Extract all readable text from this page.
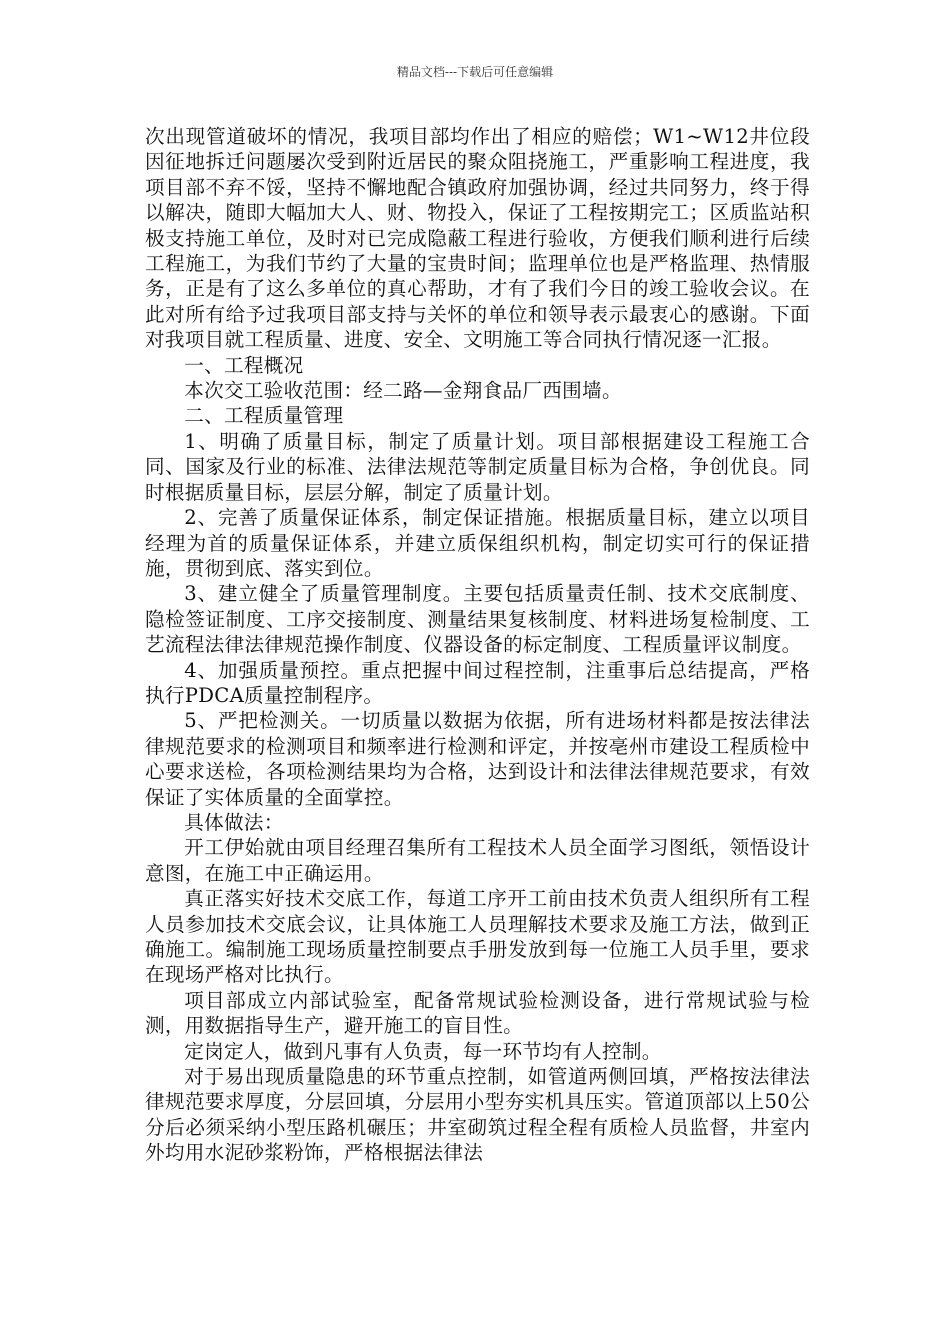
精品文档---下载后可任意编辑

次出现管道破坏的情况，我项目部均作出了相应的赔偿；W1~W12井位段因征地拆迁问题屡次受到附近居民的聚众阻挠施工，严重影响工程进度，我项目部不弃不馁，坚持不懈地配合镇政府加强协调，经过共同努力，终于得以解决，随即大幅加大人、财、物投入，保证了工程按期完工；区质监站积极支持施工单位，及时对已完成隐蔽工程进行验收，方便我们顺利进行后续工程施工，为我们节约了大量的宝贵时间；监理单位也是严格监理、热情服务，正是有了这么多单位的真心帮助，才有了我们今日的竣工验收会议。在此对所有给予过我项目部支持与关怀的单位和领导表示最衷心的感谢。下面对我项目就工程质量、进度、安全、文明施工等合同执行情况逐一汇报。

一、工程概况

本次交工验收范围：经二路—金翔食品厂西围墙。

二、工程质量管理

1、明确了质量目标，制定了质量计划。项目部根据建设工程施工合同、国家及行业的标准、法律法规范等制定质量目标为合格，争创优良。同时根据质量目标，层层分解，制定了质量计划。

2、完善了质量保证体系，制定保证措施。根据质量目标，建立以项目经理为首的质量保证体系，并建立质保组织机构，制定切实可行的保证措施，贯彻到底、落实到位。

3、建立健全了质量管理制度。主要包括质量责任制、技术交底制度、隐检签证制度、工序交接制度、测量结果复核制度、材料进场复检制度、工艺流程法律法律规范操作制度、仪器设备的标定制度、工程质量评议制度。

4、加强质量预控。重点把握中间过程控制，注重事后总结提高，严格执行PDCA质量控制程序。

5、严把检测关。一切质量以数据为依据，所有进场材料都是按法律法律规范要求的检测项目和频率进行检测和评定，并按亳州市建设工程质检中心要求送检，各项检测结果均为合格，达到设计和法律法律规范要求，有效保证了实体质量的全面掌控。

具体做法：

开工伊始就由项目经理召集所有工程技术人员全面学习图纸，领悟设计意图，在施工中正确运用。

真正落实好技术交底工作，每道工序开工前由技术负责人组织所有工程人员参加技术交底会议，让具体施工人员理解技术要求及施工方法，做到正确施工。编制施工现场质量控制要点手册发放到每一位施工人员手里，要求在现场严格对比执行。

项目部成立内部试验室，配备常规试验检测设备，进行常规试验与检测，用数据指导生产，避开施工的盲目性。

定岗定人，做到凡事有人负责，每一环节均有人控制。

对于易出现质量隐患的环节重点控制，如管道两侧回填，严格按法律法律规范要求厚度，分层回填，分层用小型夯实机具压实。管道顶部以上50公分后必须采纳小型压路机碾压；井室砌筑过程全程有质检人员监督，井室内外均用水泥砂浆粉饰，严格根据法律法
